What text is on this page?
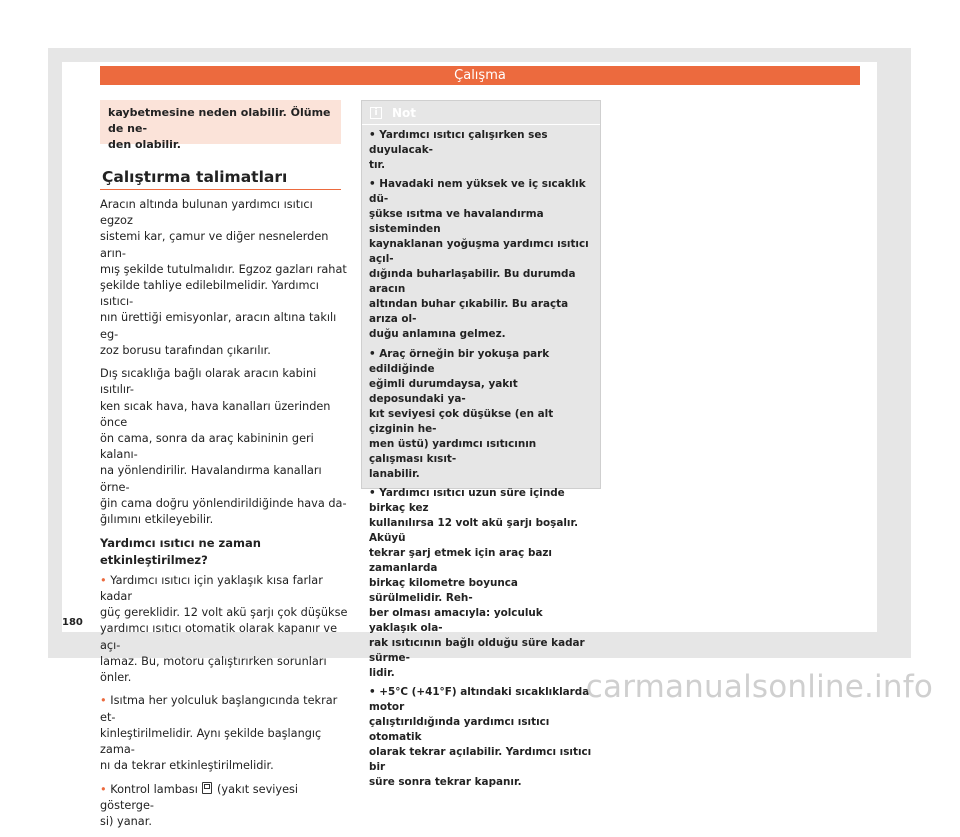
Çalışma

kaybetmesine neden olabilir. Ölüme de ne-

den olabilir.

Çalıştırma talimatları

Aracın altında bulunan yardımcı ısıtıcı egzoz
sistemi kar, çamur ve diğer nesnelerden arın-
mış şekilde tutulmalıdır. Egzoz gazları rahat
şekilde tahliye edilebilmelidir. Yardımcı ısıtıcı-
nın ürettiği emisyonlar, aracın altına takılı eg-
zoz borusu tarafından çıkarılır.

Dış sıcaklığa bağlı olarak aracın kabini ısıtılır-
ken sıcak hava, hava kanalları üzerinden önce
ön cama, sonra da araç kabininin geri kalanı-
na yönlendirilir. Havalandırma kanalları örne-
ğin cama doğru yönlendirildiğinde hava da-
ğılımını etkileyebilir.

Yardımcı ısıtıcı ne zaman etkinleştirilmez?

• Yardımcı ısıtıcı için yaklaşık kısa farlar kadar
güç gereklidir. 12 volt akü şarjı çok düşükse
yardımcı ısıtıcı otomatik olarak kapanır ve açı-
lamaz. Bu, motoru çalıştırırken sorunları önler.

• Isıtma her yolculuk başlangıcında tekrar et-
kinleştirilmelidir. Aynı şekilde başlangıç zama-
nı da tekrar etkinleştirilmelidir.

• Kontrol lambası  (yakıt seviyesi gösterge-
si) yanar.

i	Not

• Yardımcı ısıtıcı çalışırken ses duyulacak-
tır.

• Havadaki nem yüksek ve iç sıcaklık dü-
şükse ısıtma ve havalandırma sisteminden
kaynaklanan yoğuşma yardımcı ısıtıcı açıl-
dığında buharlaşabilir. Bu durumda aracın
altından buhar çıkabilir. Bu araçta arıza ol-
duğu anlamına gelmez.

• Araç örneğin bir yokuşa park edildiğinde
eğimli durumdaysa, yakıt deposundaki ya-
kıt seviyesi çok düşükse (en alt çizginin he-
men üstü) yardımcı ısıtıcının çalışması kısıt-
lanabilir.

• Yardımcı ısıtıcı uzun süre içinde birkaç kez
kullanılırsa 12 volt akü şarjı boşalır. Aküyü
tekrar şarj etmek için araç bazı zamanlarda
birkaç kilometre boyunca sürülmelidir. Reh-
ber olması amacıyla: yolculuk yaklaşık ola-
rak ısıtıcının bağlı olduğu süre kadar sürme-
lidir.

• +5°C (+41°F) altındaki sıcaklıklarda motor
çalıştırıldığında yardımcı ısıtıcı otomatik
olarak tekrar açılabilir. Yardımcı ısıtıcı bir
süre sonra tekrar kapanır.

180
carmanualsonline.info
